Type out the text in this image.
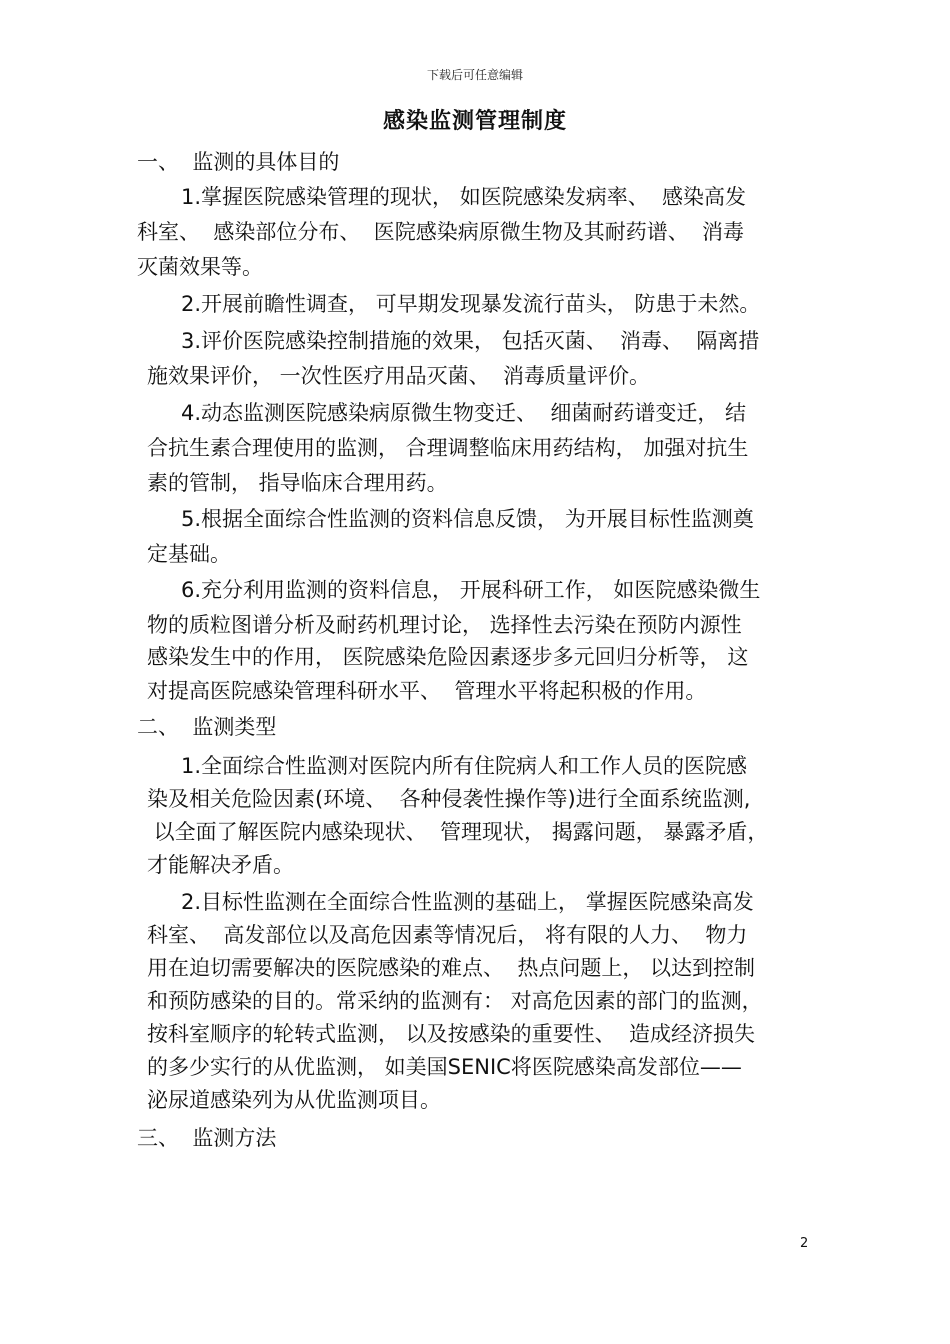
下载后可任意编辑
感染监测管理制度
一、  监测的具体目的
1.掌握医院感染管理的现状， 如医院感染发病率、  感染高发
科室、  感染部位分布、  医院感染病原微生物及其耐药谱、  消毒
灭菌效果等。
2.开展前瞻性调查， 可早期发现暴发流行苗头， 防患于未然。
3.评价医院感染控制措施的效果， 包括灭菌、  消毒、  隔离措
施效果评价， 一次性医疗用品灭菌、  消毒质量评价。
4.动态监测医院感染病原微生物变迁、  细菌耐药谱变迁， 结
合抗生素合理使用的监测， 合理调整临床用药结构， 加强对抗生
素的管制， 指导临床合理用药。
5.根据全面综合性监测的资料信息反馈， 为开展目标性监测奠
定基础。
6.充分利用监测的资料信息， 开展科研工作， 如医院感染微生
物的质粒图谱分析及耐药机理讨论， 选择性去污染在预防内源性
感染发生中的作用， 医院感染危险因素逐步多元回归分析等， 这
对提高医院感染管理科研水平、  管理水平将起积极的作用。
二、  监测类型
1.全面综合性监测对医院内所有住院病人和工作人员的医院感
染及相关危险因素(环境、  各种侵袭性操作等)进行全面系统监测,
以全面了解医院内感染现状、  管理现状， 揭露问题， 暴露矛盾，
才能解决矛盾。
2.目标性监测在全面综合性监测的基础上， 掌握医院感染高发
科室、  高发部位以及高危因素等情况后， 将有限的人力、  物力
用在迫切需要解决的医院感染的难点、  热点问题上， 以达到控制
和预防感染的目的。常采纳的监测有： 对高危因素的部门的监测，
按科室顺序的轮转式监测， 以及按感染的重要性、  造成经济损失
的多少实行的从优监测， 如美国SENIC将医院感染高发部位——
泌尿道感染列为从优监测项目。
三、  监测方法
2
